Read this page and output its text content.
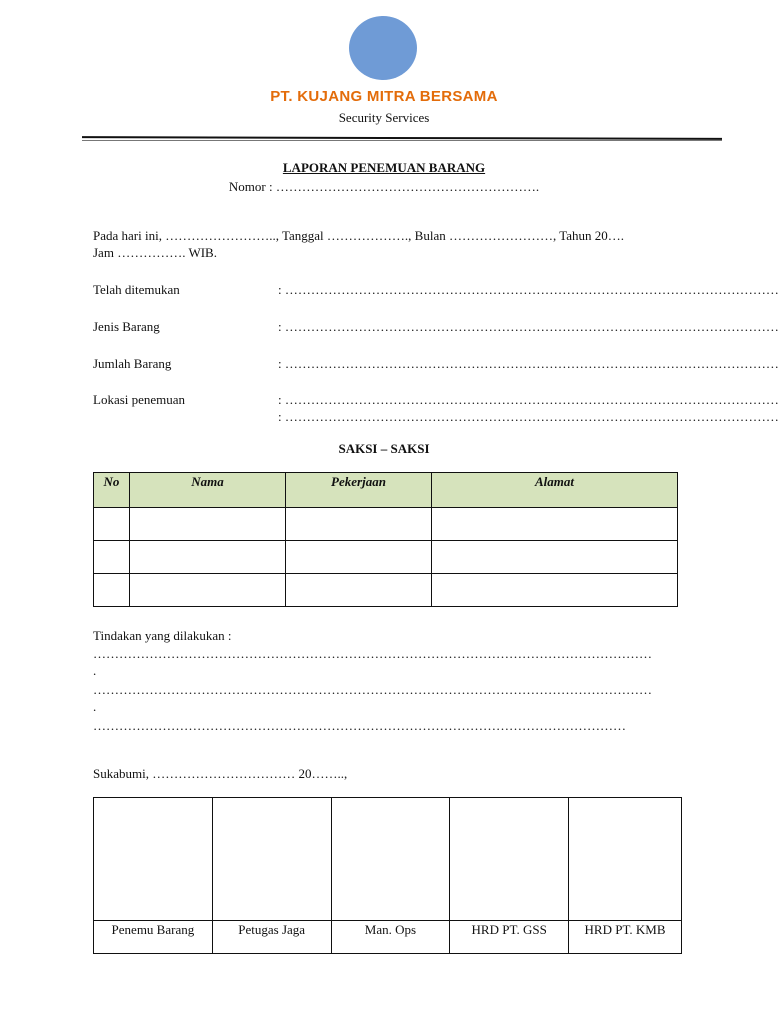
PT. KUJANG MITRA BERSAMA
Security Services
LAPORAN PENEMUAN BARANG
Nomor : …………………………………………………….
Pada hari ini, …………………….., Tanggal ………………., Bulan ……………………, Tahun 20….
Jam ……………. WIB.
Telah ditemukan	: ……………………………………………………………………………………………………
Jenis Barang	: ……………………………………………………………………………………………………
Jumlah Barang	: ……………………………………………………………………………………………………
Lokasi penemuan	: ……………………………………………………………………………………………………
: ……………………………………………………………………………………………………
SAKSI – SAKSI
No	Nama	Pekerjaan	Alamat

Tindakan yang dilakukan :
…………………………………………………………………………………………………………………
.
…………………………………………………………………………………………………………………
.
……………………………………………………………………………………………………………
Sukabumi, …………………………… 20……..,

Penemu Barang	Petugas Jaga	Man. Ops	HRD PT. GSS	HRD PT. KMB
